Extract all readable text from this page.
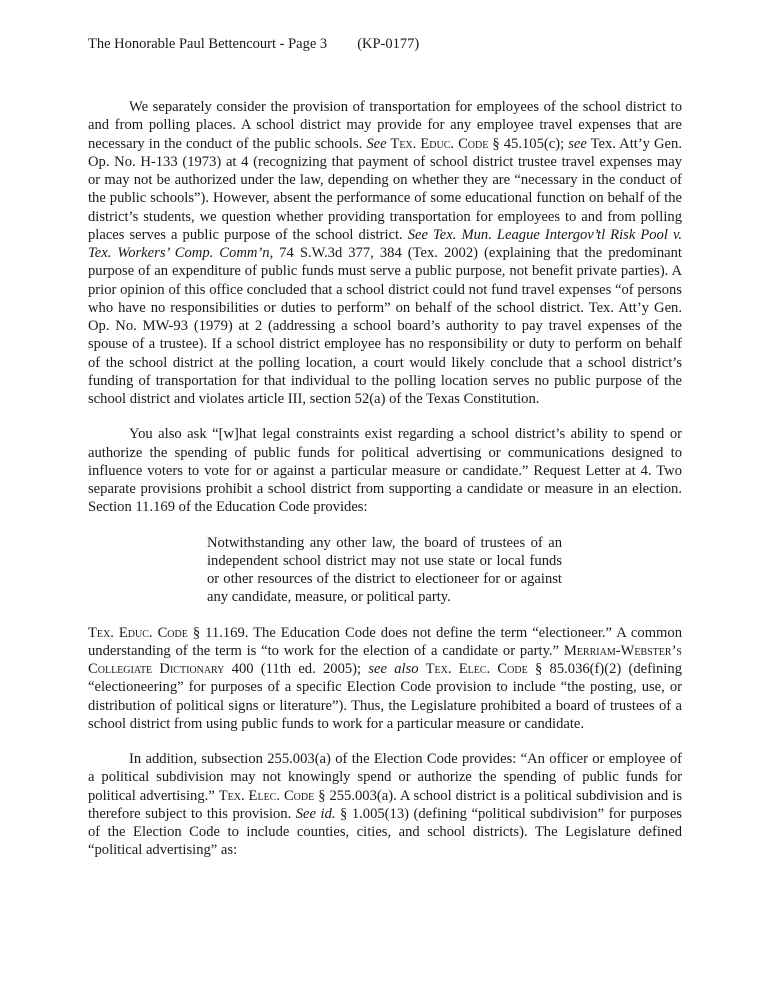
The Honorable Paul Bettencourt - Page 3 (KP-0177)

We separately consider the provision of transportation for employees of the school district to and from polling places. A school district may provide for any employee travel expenses that are necessary in the conduct of the public schools. See Tex. Educ. Code § 45.105(c); see Tex. Att’y Gen. Op. No. H-133 (1973) at 4 (recognizing that payment of school district trustee travel expenses may or may not be authorized under the law, depending on whether they are “necessary in the conduct of the public schools”). However, absent the performance of some educational function on behalf of the district’s students, we question whether providing transportation for employees to and from polling places serves a public purpose of the school district. See Tex. Mun. League Intergov’tl Risk Pool v. Tex. Workers’ Comp. Comm’n, 74 S.W.3d 377, 384 (Tex. 2002) (explaining that the predominant purpose of an expenditure of public funds must serve a public purpose, not benefit private parties). A prior opinion of this office concluded that a school district could not fund travel expenses “of persons who have no responsibilities or duties to perform” on behalf of the school district. Tex. Att’y Gen. Op. No. MW-93 (1979) at 2 (addressing a school board’s authority to pay travel expenses of the spouse of a trustee). If a school district employee has no responsibility or duty to perform on behalf of the school district at the polling location, a court would likely conclude that a school district’s funding of transportation for that individual to the polling location serves no public purpose of the school district and violates article III, section 52(a) of the Texas Constitution.

You also ask “[w]hat legal constraints exist regarding a school district’s ability to spend or authorize the spending of public funds for political advertising or communications designed to influence voters to vote for or against a particular measure or candidate.” Request Letter at 4. Two separate provisions prohibit a school district from supporting a candidate or measure in an election. Section 11.169 of the Education Code provides:

Notwithstanding any other law, the board of trustees of an independent school district may not use state or local funds or other resources of the district to electioneer for or against any candidate, measure, or political party.

Tex. Educ. Code § 11.169. The Education Code does not define the term “electioneer.” A common understanding of the term is “to work for the election of a candidate or party.” Merriam-Webster’s Collegiate Dictionary 400 (11th ed. 2005); see also Tex. Elec. Code § 85.036(f)(2) (defining “electioneering” for purposes of a specific Election Code provision to include “the posting, use, or distribution of political signs or literature”). Thus, the Legislature prohibited a board of trustees of a school district from using public funds to work for a particular measure or candidate.

In addition, subsection 255.003(a) of the Election Code provides: “An officer or employee of a political subdivision may not knowingly spend or authorize the spending of public funds for political advertising.” Tex. Elec. Code § 255.003(a). A school district is a political subdivision and is therefore subject to this provision. See id. § 1.005(13) (defining “political subdivision” for purposes of the Election Code to include counties, cities, and school districts). The Legislature defined “political advertising” as:
